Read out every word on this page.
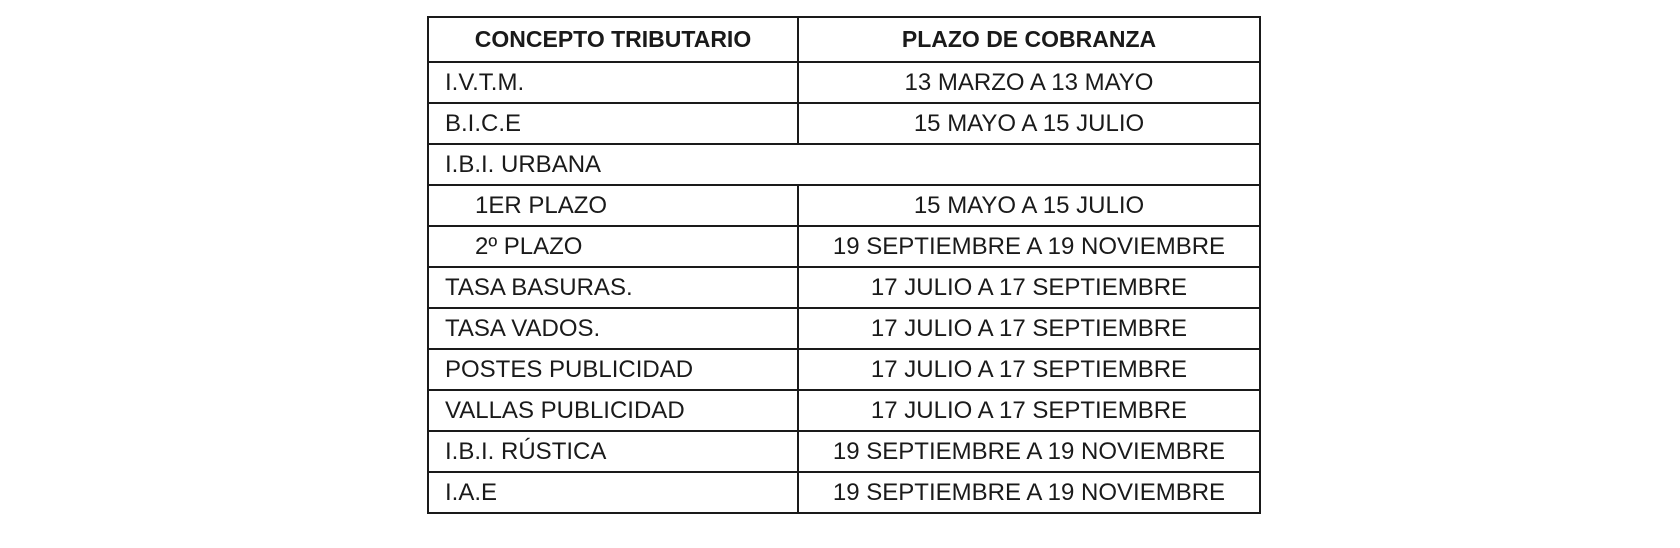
CONCEPTO TRIBUTARIO	PLAZO DE COBRANZA
I.V.T.M.	13 MARZO A 13 MAYO
B.I.C.E	15 MAYO A 15 JULIO
I.B.I. URBANA	
1ER PLAZO	15 MAYO A 15 JULIO
2º PLAZO	19 SEPTIEMBRE A 19 NOVIEMBRE
TASA BASURAS.	17 JULIO A 17 SEPTIEMBRE
TASA VADOS.	17 JULIO A 17 SEPTIEMBRE
POSTES PUBLICIDAD	17 JULIO A 17 SEPTIEMBRE
VALLAS PUBLICIDAD	17 JULIO A 17 SEPTIEMBRE
I.B.I. RÚSTICA	19 SEPTIEMBRE A 19 NOVIEMBRE
I.A.E	19 SEPTIEMBRE A 19 NOVIEMBRE
